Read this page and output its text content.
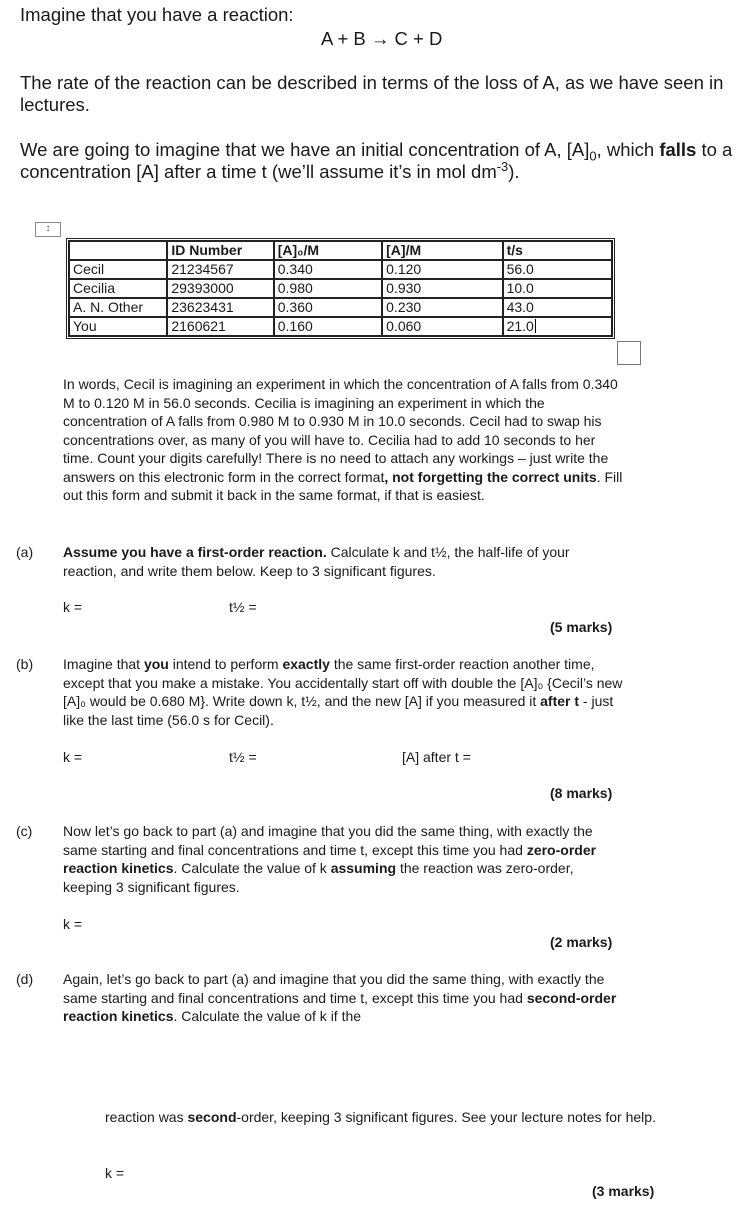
Imagine that you have a reaction:
A + B → C + D
The rate of the reaction can be described in terms of the loss of A, as we have seen in lectures.
We are going to imagine that we have an initial concentration of A, $[A]_0$, which falls to a concentration [A] after a time t (we’ll assume it’s in mol $dm^{-3}$).
↕
	ID Number	[A]₀/M	[A]/M	t/s
Cecil	21234567	0.340	0.120	56.0
Cecilia	29393000	0.980	0.930	10.0
A. N. Other	23623431	0.360	0.230	43.0
You	2160621	0.160	0.060	21.0
In words, Cecil is imagining an experiment in which the concentration of A falls from 0.340 M to 0.120 M in 56.0 seconds. Cecilia is imagining an experiment in which the concentration of A falls from 0.980 M to 0.930 M in 10.0 seconds. Cecil had to swap his concentrations over, as many of you will have to. Cecilia had to add 10 seconds to her time. Count your digits carefully! There is no need to attach any workings – just write the answers on this electronic form in the correct format, not forgetting the correct units. Fill out this form and submit it back in the same format, if that is easiest.
(a) Assume you have a first-order reaction. Calculate k and t½, the half-life of your reaction, and write them below. Keep to 3 significant figures.
k =	t½ =
(5 marks)
(b) Imagine that you intend to perform exactly the same first-order reaction another time, except that you make a mistake. You accidentally start off with double the [A]₀ {Cecil’s new [A]₀ would be 0.680 M}. Write down k, t½, and the new [A] if you measured it after t - just like the last time (56.0 s for Cecil).
k =	t½ =	[A] after t =
(8 marks)
(c) Now let’s go back to part (a) and imagine that you did the same thing, with exactly the same starting and final concentrations and time t, except this time you had zero-order reaction kinetics. Calculate the value of k assuming the reaction was zero-order, keeping 3 significant figures.
k =
(2 marks)
(d) Again, let’s go back to part (a) and imagine that you did the same thing, with exactly the same starting and final concentrations and time t, except this time you had second-order reaction kinetics. Calculate the value of k if the
reaction was second-order, keeping 3 significant figures. See your lecture notes for help.
k =
(3 marks)
